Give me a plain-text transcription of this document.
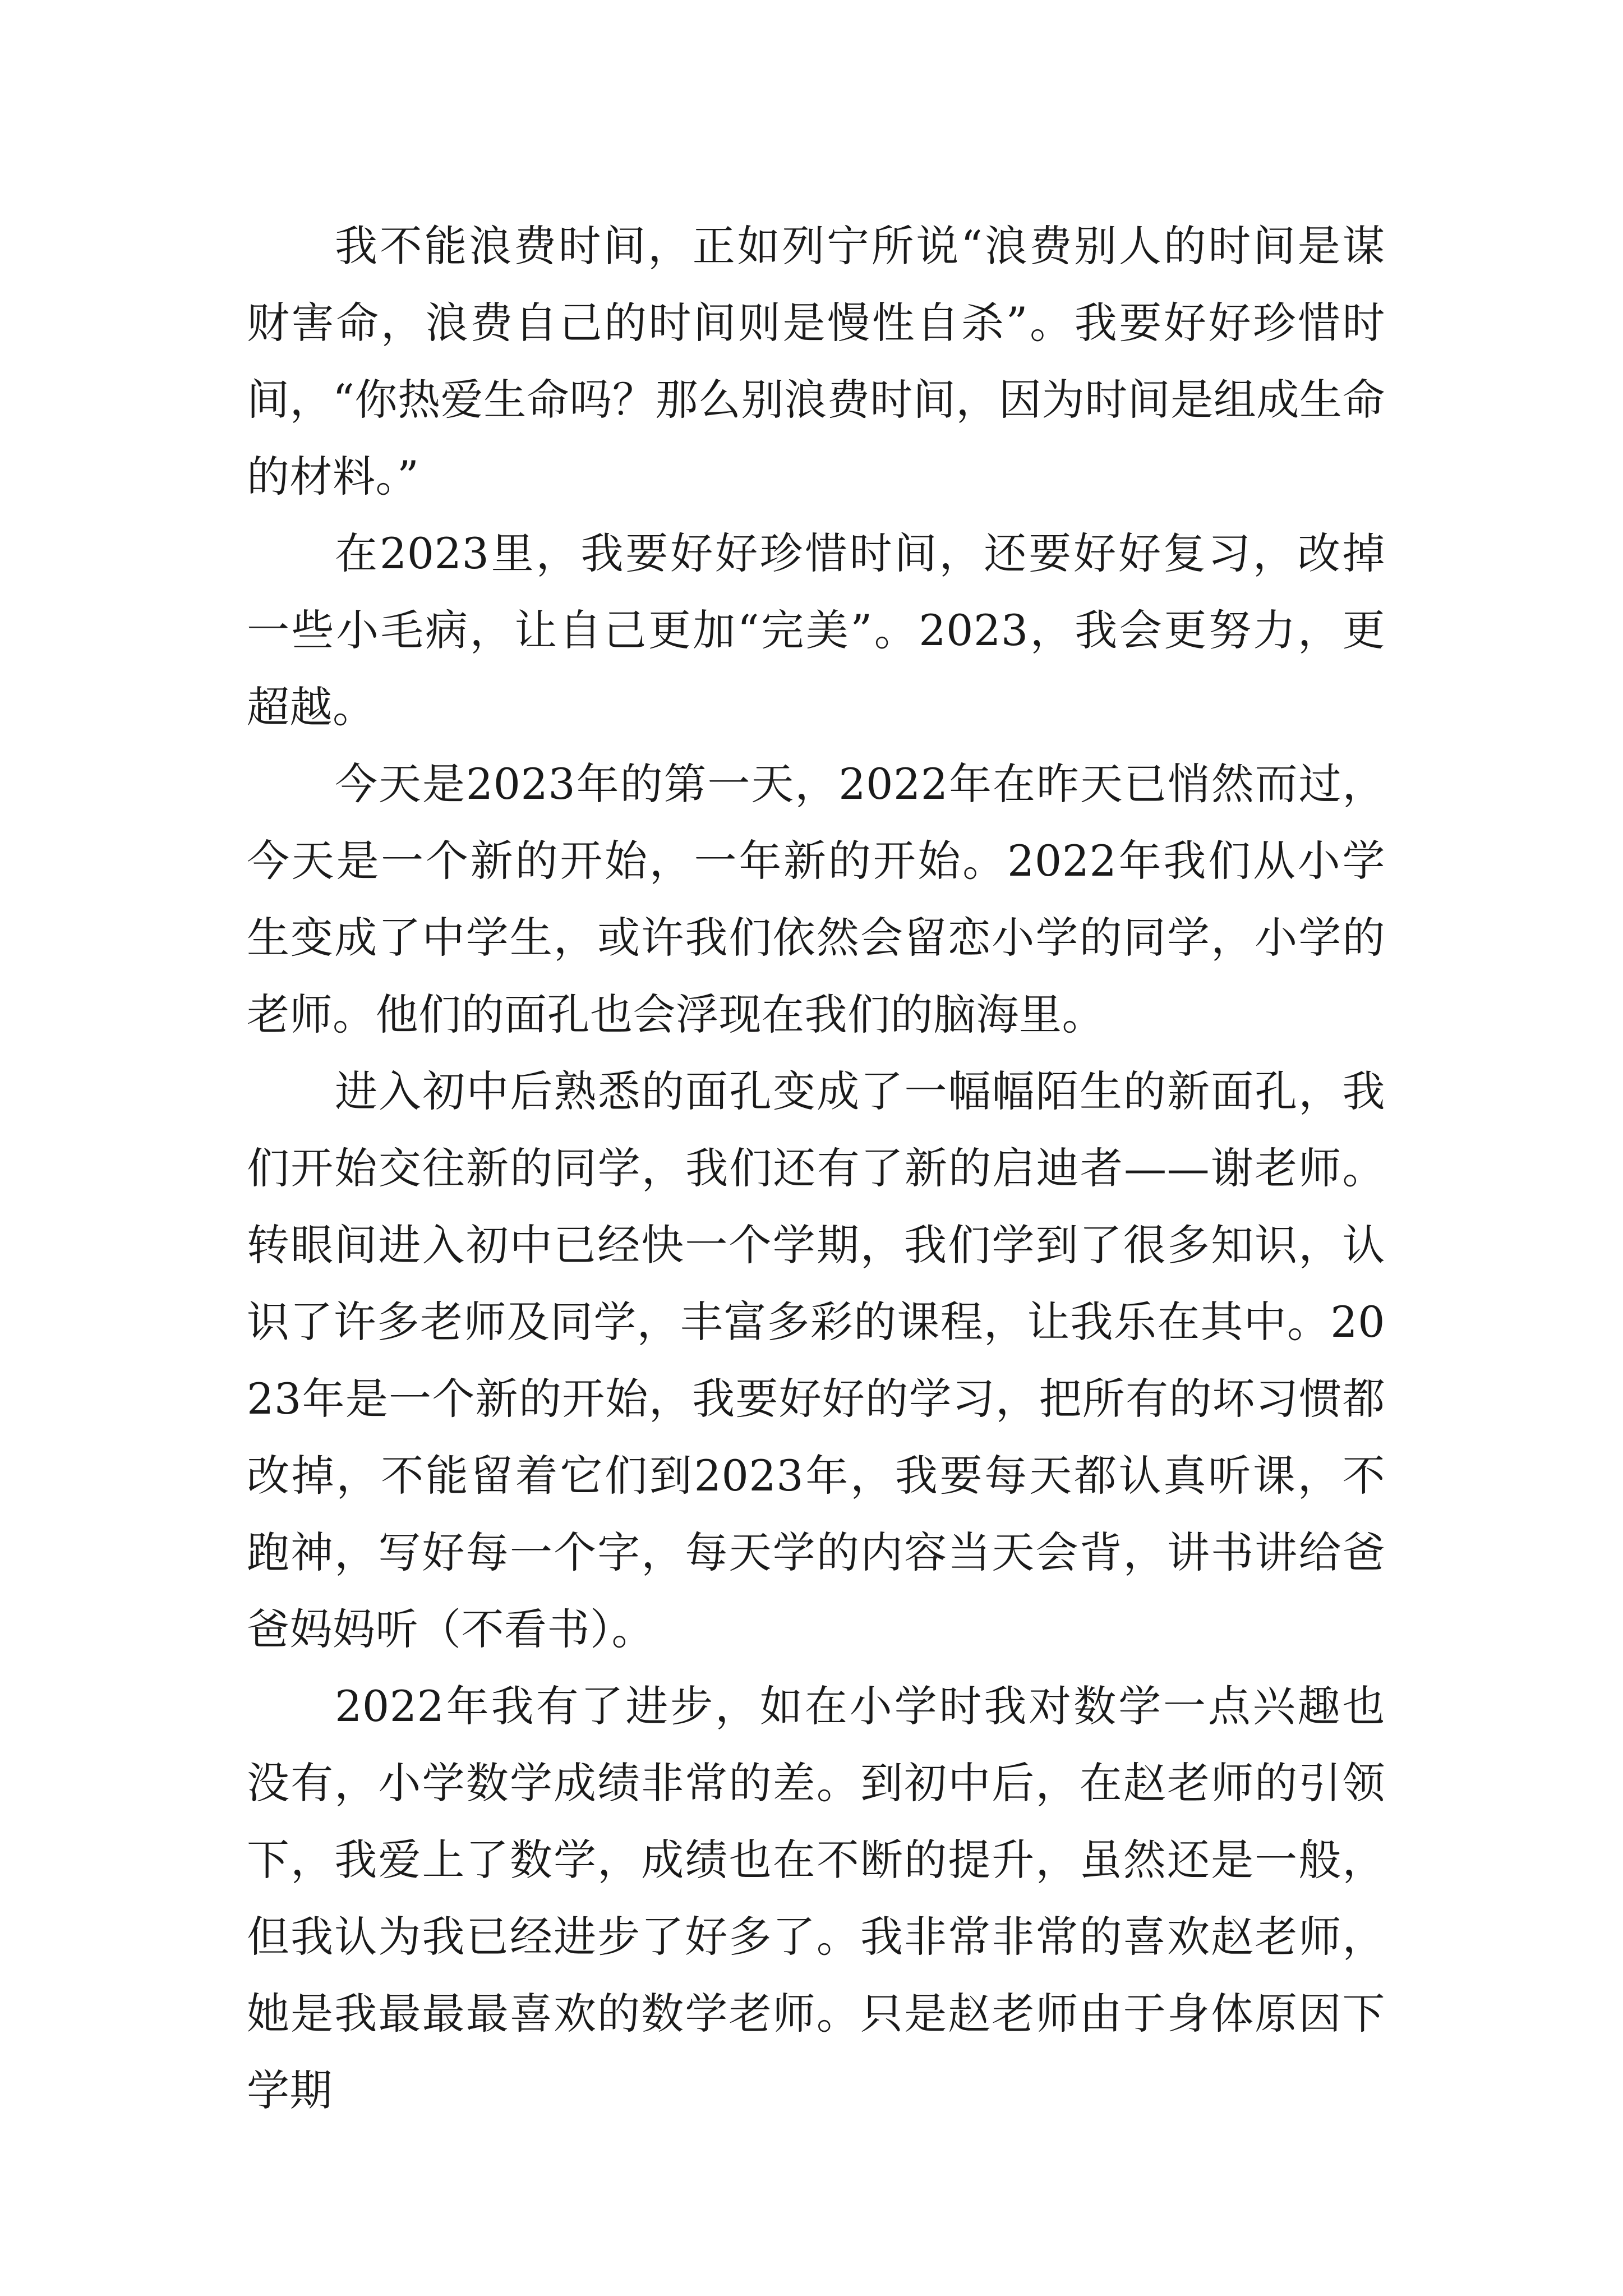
我不能浪费时间，正如列宁所说“浪费别人的时间是谋财害命，浪费自己的时间则是慢性自杀”。我要好好珍惜时间，“你热爱生命吗？那么别浪费时间，因为时间是组成生命的材料。”

在2023里，我要好好珍惜时间，还要好好复习，改掉一些小毛病，让自己更加“完美”。2023，我会更努力，更超越。

今天是2023年的第一天，2022年在昨天已悄然而过，今天是一个新的开始，一年新的开始。2022年我们从小学生变成了中学生，或许我们依然会留恋小学的同学，小学的老师。他们的面孔也会浮现在我们的脑海里。

进入初中后熟悉的面孔变成了一幅幅陌生的新面孔，我们开始交往新的同学，我们还有了新的启迪者——谢老师。转眼间进入初中已经快一个学期，我们学到了很多知识，认识了许多老师及同学，丰富多彩的课程，让我乐在其中。2023年是一个新的开始，我要好好的学习，把所有的坏习惯都改掉，不能留着它们到2023年，我要每天都认真听课，不跑神，写好每一个字，每天学的内容当天会背，讲书讲给爸爸妈妈听（不看书）。

2022年我有了进步，如在小学时我对数学一点兴趣也没有，小学数学成绩非常的差。到初中后，在赵老师的引领下，我爱上了数学，成绩也在不断的提升，虽然还是一般，但我认为我已经进步了好多了。我非常非常的喜欢赵老师，她是我最最最喜欢的数学老师。只是赵老师由于身体原因下学期
